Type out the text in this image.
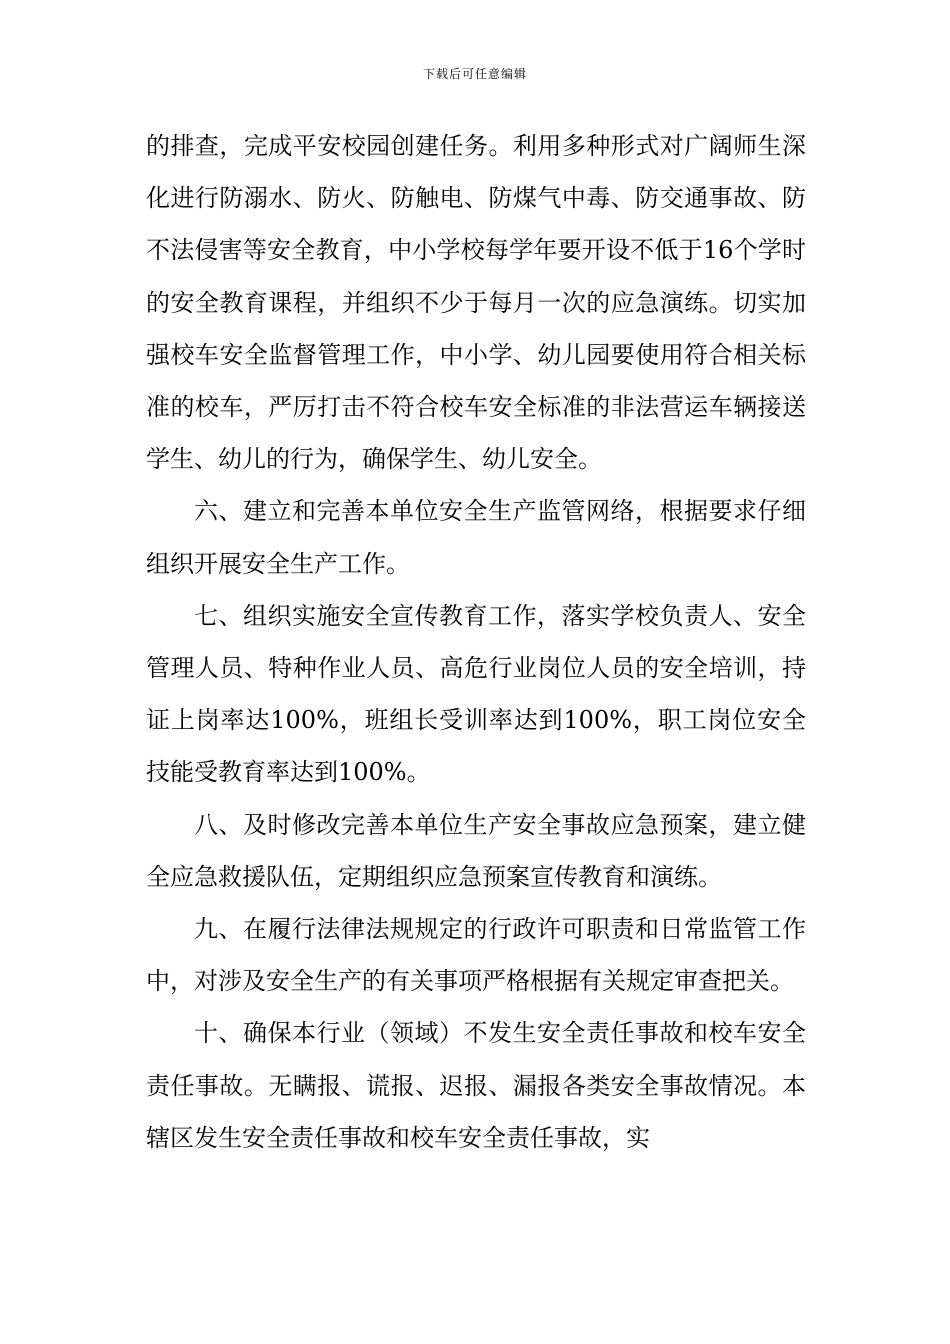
下载后可任意编辑

的排查，完成平安校园创建任务。利用多种形式对广阔师生深化进行防溺水、防火、防触电、防煤气中毒、防交通事故、防不法侵害等安全教育，中小学校每学年要开设不低于16个学时的安全教育课程，并组织不少于每月一次的应急演练。切实加强校车安全监督管理工作，中小学、幼儿园要使用符合相关标准的校车，严厉打击不符合校车安全标准的非法营运车辆接送学生、幼儿的行为，确保学生、幼儿安全。

六、建立和完善本单位安全生产监管网络，根据要求仔细组织开展安全生产工作。

七、组织实施安全宣传教育工作，落实学校负责人、安全管理人员、特种作业人员、高危行业岗位人员的安全培训，持证上岗率达100%，班组长受训率达到100%，职工岗位安全技能受教育率达到100%。

八、及时修改完善本单位生产安全事故应急预案，建立健全应急救援队伍，定期组织应急预案宣传教育和演练。

九、在履行法律法规规定的行政许可职责和日常监管工作中，对涉及安全生产的有关事项严格根据有关规定审查把关。

十、确保本行业（领域）不发生安全责任事故和校车安全责任事故。无瞒报、谎报、迟报、漏报各类安全事故情况。本辖区发生安全责任事故和校车安全责任事故，实
